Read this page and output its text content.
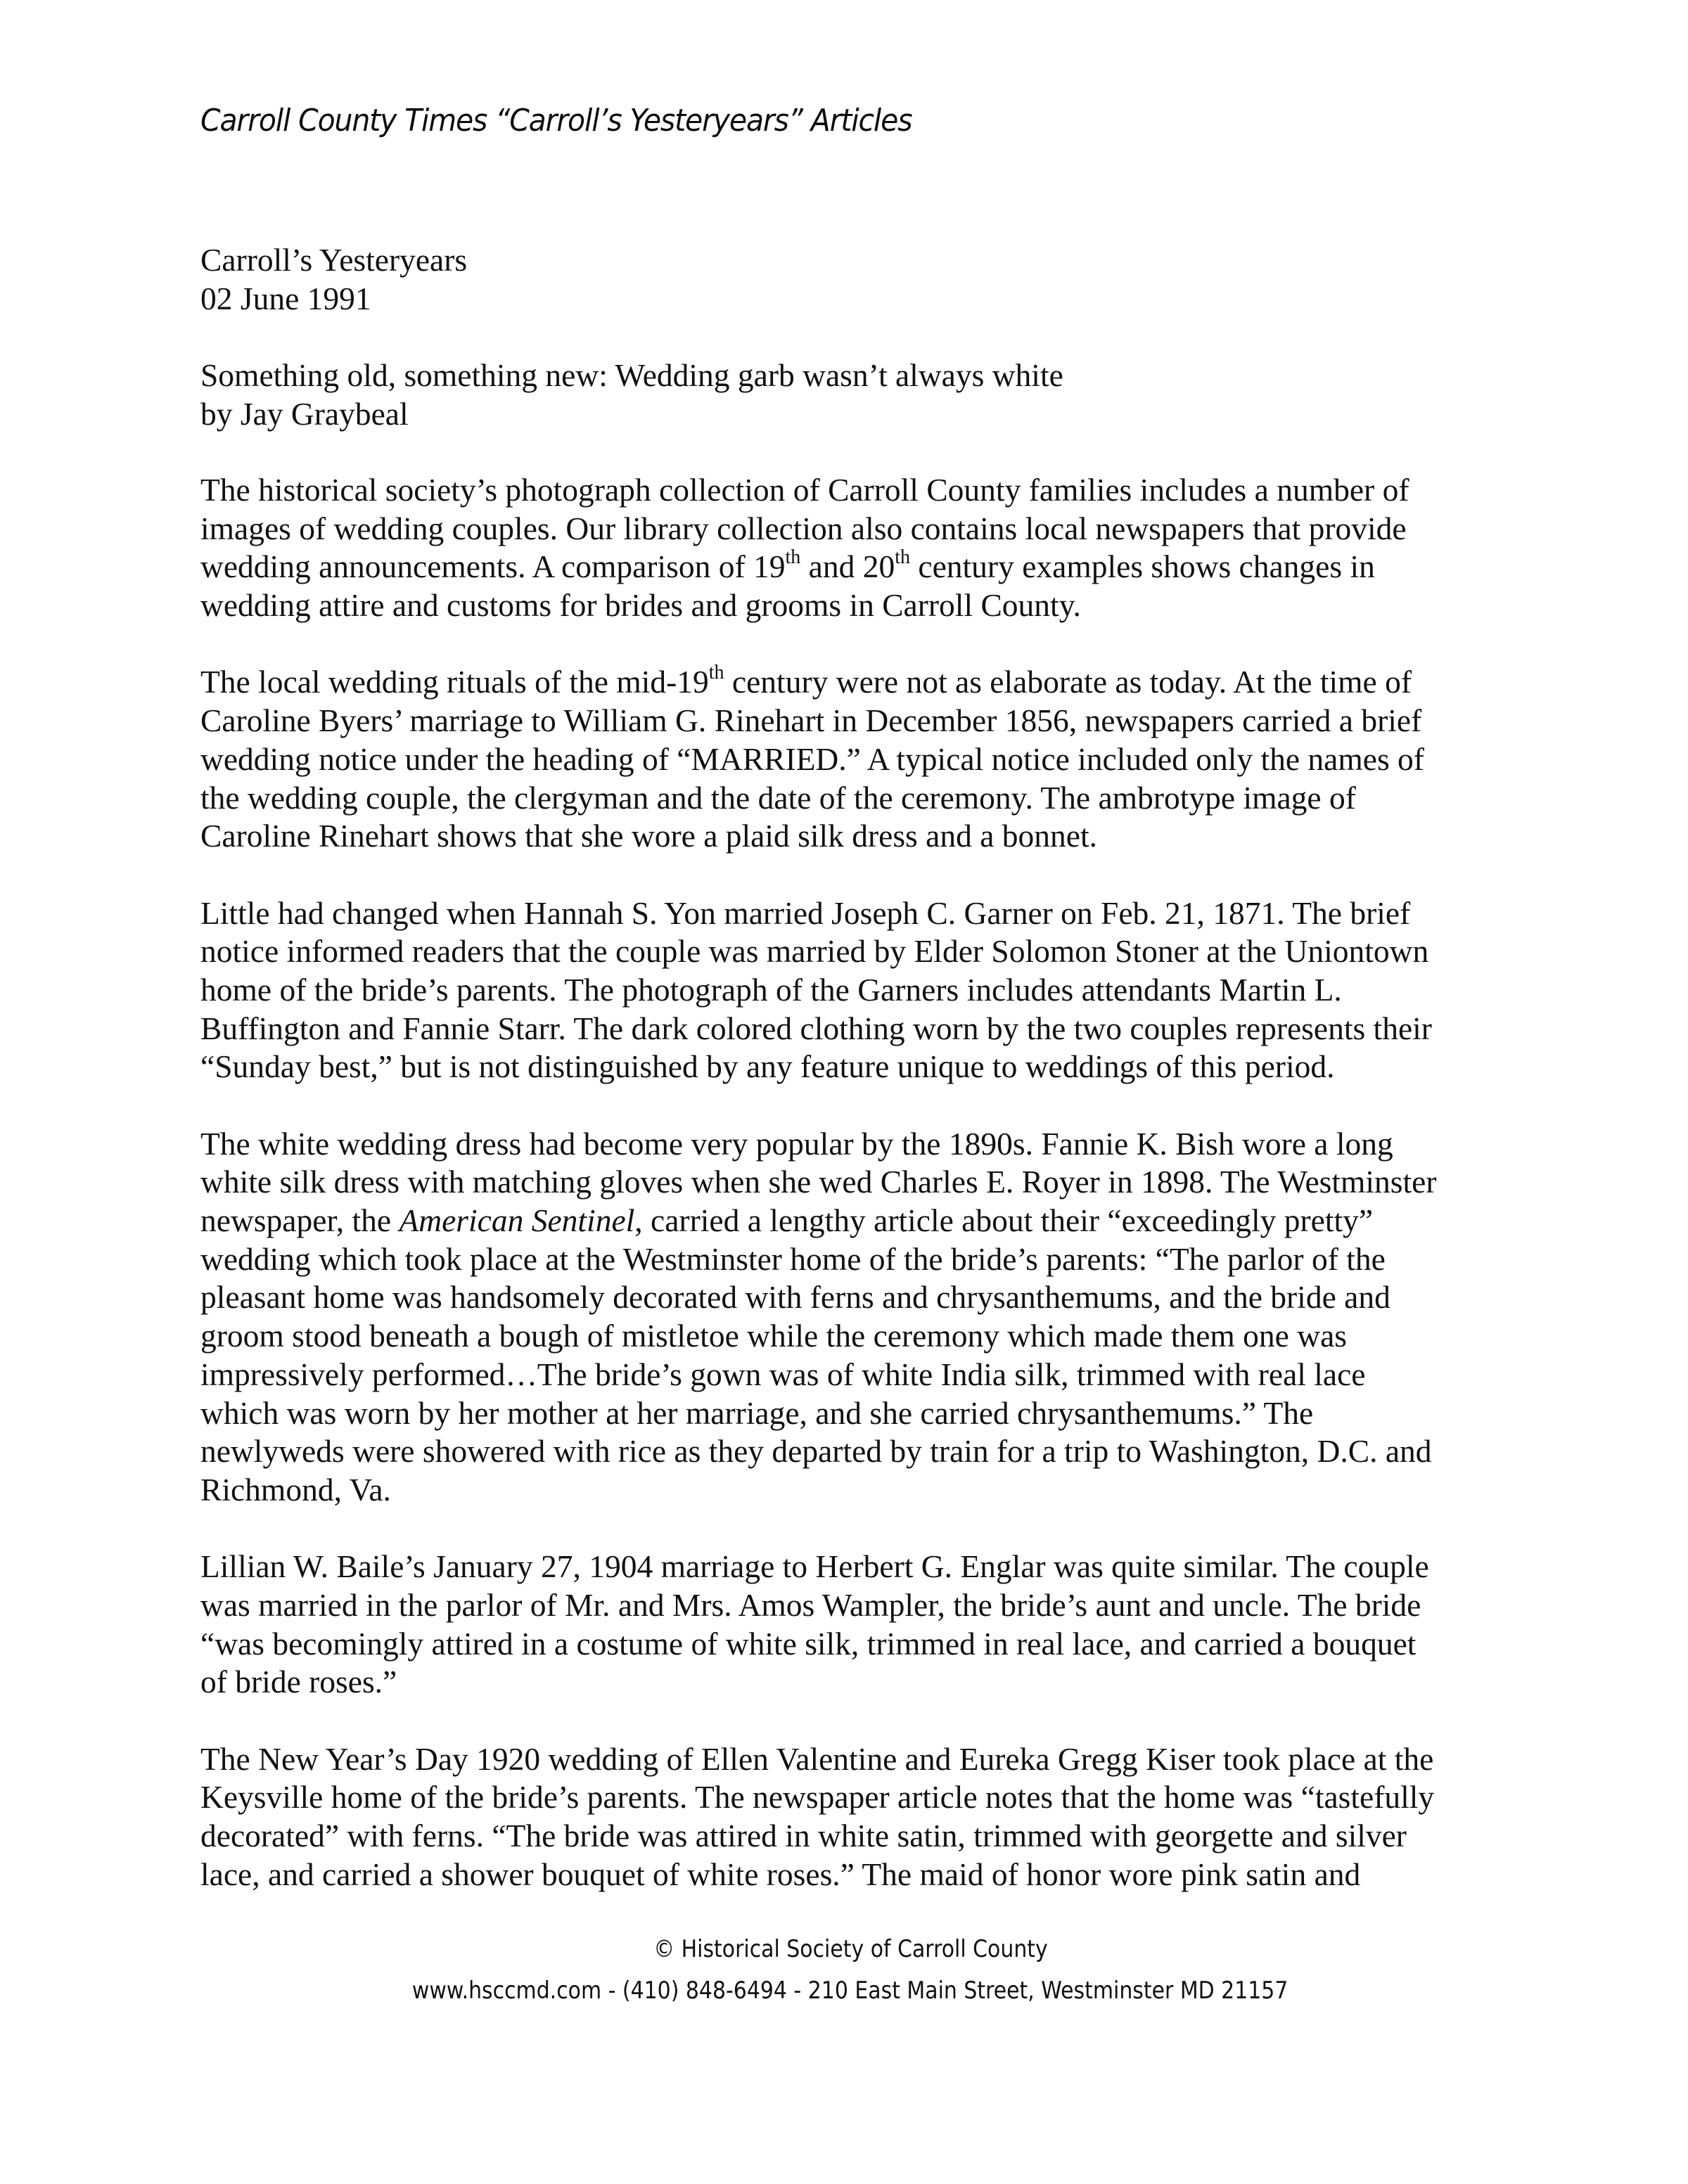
Carroll County Times “Carroll’s Yesteryears” Articles
Carroll’s Yesteryears
02 June 1991
Something old, something new: Wedding garb wasn’t always white
by Jay Graybeal
The historical society’s photograph collection of Carroll County families includes a number of
images of wedding couples. Our library collection also contains local newspapers that provide
wedding announcements. A comparison of 19th and 20th century examples shows changes in
wedding attire and customs for brides and grooms in Carroll County.
The local wedding rituals of the mid-19th century were not as elaborate as today. At the time of
Caroline Byers’ marriage to William G. Rinehart in December 1856, newspapers carried a brief
wedding notice under the heading of “MARRIED.” A typical notice included only the names of
the wedding couple, the clergyman and the date of the ceremony. The ambrotype image of
Caroline Rinehart shows that she wore a plaid silk dress and a bonnet.
Little had changed when Hannah S. Yon married Joseph C. Garner on Feb. 21, 1871. The brief
notice informed readers that the couple was married by Elder Solomon Stoner at the Uniontown
home of the bride’s parents. The photograph of the Garners includes attendants Martin L.
Buffington and Fannie Starr. The dark colored clothing worn by the two couples represents their
“Sunday best,” but is not distinguished by any feature unique to weddings of this period.
The white wedding dress had become very popular by the 1890s. Fannie K. Bish wore a long
white silk dress with matching gloves when she wed Charles E. Royer in 1898. The Westminster
newspaper, the American Sentinel, carried a lengthy article about their “exceedingly pretty”
wedding which took place at the Westminster home of the bride’s parents: “The parlor of the
pleasant home was handsomely decorated with ferns and chrysanthemums, and the bride and
groom stood beneath a bough of mistletoe while the ceremony which made them one was
impressively performed…The bride’s gown was of white India silk, trimmed with real lace
which was worn by her mother at her marriage, and she carried chrysanthemums.” The
newlyweds were showered with rice as they departed by train for a trip to Washington, D.C. and
Richmond, Va.
Lillian W. Baile’s January 27, 1904 marriage to Herbert G. Englar was quite similar. The couple
was married in the parlor of Mr. and Mrs. Amos Wampler, the bride’s aunt and uncle. The bride
“was becomingly attired in a costume of white silk, trimmed in real lace, and carried a bouquet
of bride roses.”
The New Year’s Day 1920 wedding of Ellen Valentine and Eureka Gregg Kiser took place at the
Keysville home of the bride’s parents. The newspaper article notes that the home was “tastefully
decorated” with ferns. “The bride was attired in white satin, trimmed with georgette and silver
lace, and carried a shower bouquet of white roses.” The maid of honor wore pink satin and
© Historical Society of Carroll County
www.hsccmd.com - (410) 848-6494 - 210 East Main Street, Westminster MD 21157
